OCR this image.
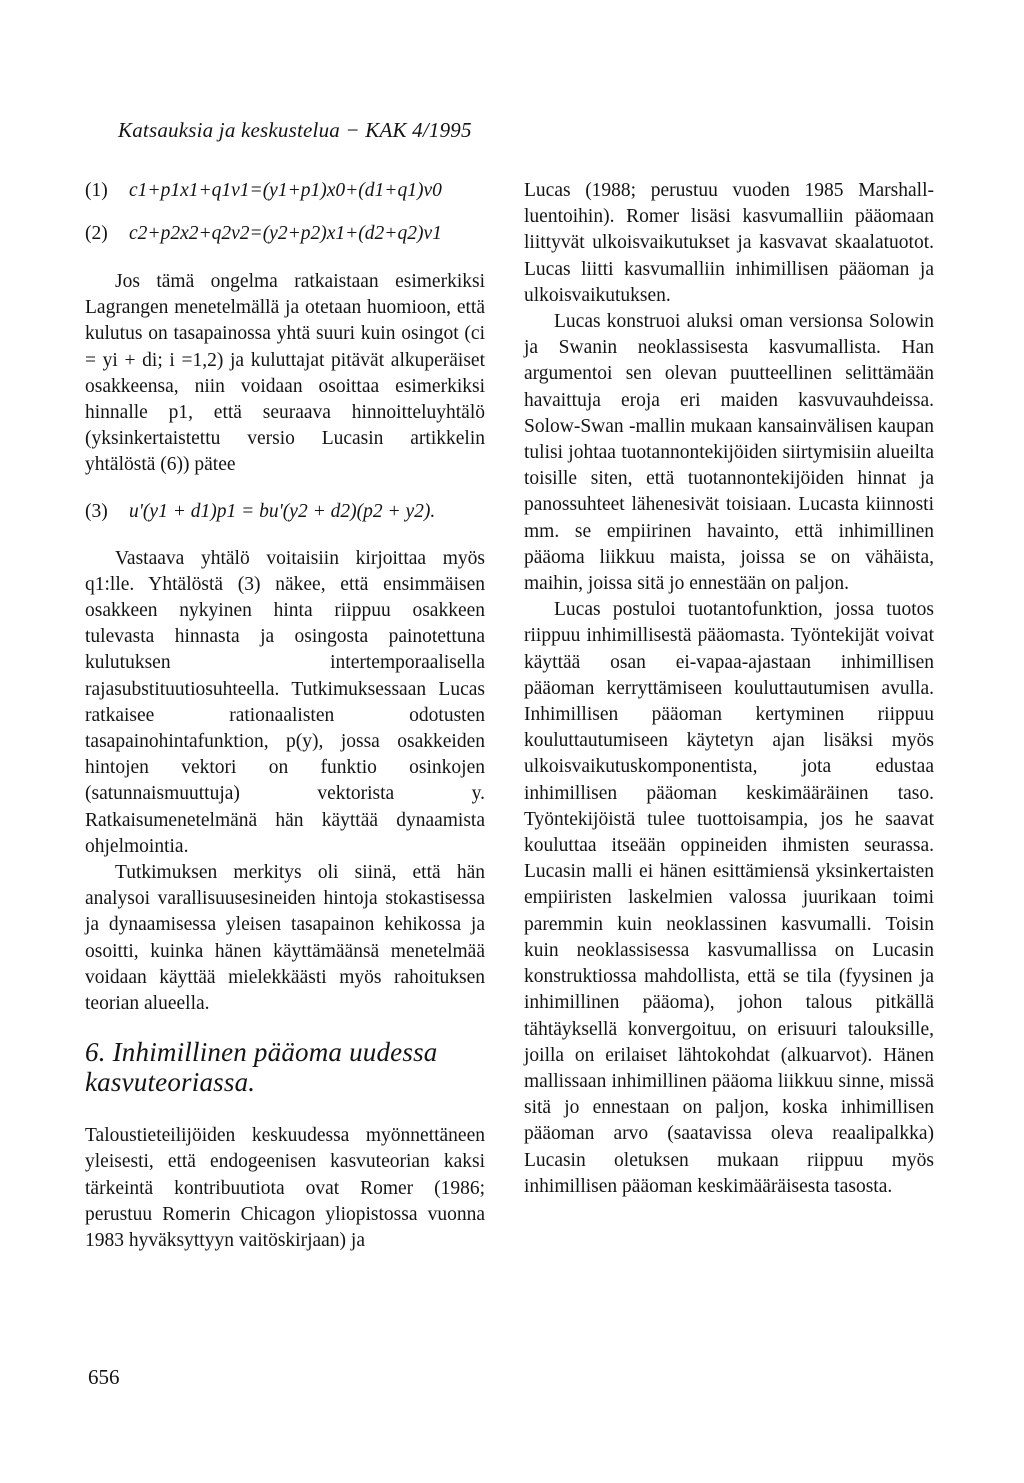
Katsauksia ja keskustelua − KAK 4/1995
(1)	c1+p1x1+q1v1=(y1+p1)x0+(d1+q1)v0
(2)	c2+p2x2+q2v2=(y2+p2)x1+(d2+q2)v1

Jos tämä ongelma ratkaistaan esimerkiksi Lagrangen menetelmällä ja otetaan huomioon, että kulutus on tasapainossa yhtä suuri kuin osingot (ci = yi + di; i =1,2) ja kuluttajat pitävät alkuperäiset osakkeensa, niin voidaan osoittaa esimerkiksi hinnalle p1, että seuraava hinnoitteluyhtälö (yksinkertaistettu versio Lucasin artikkelin yhtälöstä (6)) pätee

(3)	u'(y1 + d1)p1 = bu'(y2 + d2)(p2 + y2).

Vastaava yhtälö voitaisiin kirjoittaa myös q1:lle. Yhtälöstä (3) näkee, että ensimmäisen osakkeen nykyinen hinta riippuu osakkeen tulevasta hinnasta ja osingosta painotettuna kulutuksen intertemporaalisella rajasubstituutiosuhteella. Tutkimuksessaan Lucas ratkaisee rationaalisten odotusten tasapainohintafunktion, p(y), jossa osakkeiden hintojen vektori on funktio osinkojen (satunnaismuuttuja) vektorista y. Ratkaisumenetelmänä hän käyttää dynaamista ohjelmointia.

Tutkimuksen merkitys oli siinä, että hän analysoi varallisuusesineiden hintoja stokastisessa ja dynaamisessa yleisen tasapainon kehikossa ja osoitti, kuinka hänen käyttämäänsä menetelmää voidaan käyttää mielekkäästi myös rahoituksen teorian alueella.

6. Inhimillinen pääoma uudessa kasvuteoriassa.

Taloustieteilijöiden keskuudessa myönnettäneen yleisesti, että endogeenisen kasvuteorian kaksi tärkeintä kontribuutiota ovat Romer (1986; perustuu Romerin Chicagon yliopistossa vuonna 1983 hyväksyttyyn vaitöskirjaan) ja

Lucas (1988; perustuu vuoden 1985 Marshall-luentoihin). Romer lisäsi kasvumalliin pääomaan liittyvät ulkoisvaikutukset ja kasvavat skaalatuotot. Lucas liitti kasvumalliin inhimillisen pääoman ja ulkoisvaikutuksen.

Lucas konstruoi aluksi oman versionsa Solowin ja Swanin neoklassisesta kasvumallista. Han argumentoi sen olevan puutteellinen selittämään havaittuja eroja eri maiden kasvuvauhdeissa. Solow-Swan -mallin mukaan kansainvälisen kaupan tulisi johtaa tuotannontekijöiden siirtymisiin alueilta toisille siten, että tuotannontekijöiden hinnat ja panossuhteet lähenesivät toisiaan. Lucasta kiinnosti mm. se empiirinen havainto, että inhimillinen pääoma liikkuu maista, joissa se on vähäista, maihin, joissa sitä jo ennestään on paljon.

Lucas postuloi tuotantofunktion, jossa tuotos riippuu inhimillisestä pääomasta. Työntekijät voivat käyttää osan ei-vapaa-ajastaan inhimillisen pääoman kerryttämiseen kouluttautumisen avulla. Inhimillisen pääoman kertyminen riippuu kouluttautumiseen käytetyn ajan lisäksi myös ulkoisvaikutuskomponentista, jota edustaa inhimillisen pääoman keskimääräinen taso. Työntekijöistä tulee tuottoisampia, jos he saavat kouluttaa itseään oppineiden ihmisten seurassa. Lucasin malli ei hänen esittämiensä yksinkertaisten empiiristen laskelmien valossa juurikaan toimi paremmin kuin neoklassinen kasvumalli. Toisin kuin neoklassisessa kasvumallissa on Lucasin konstruktiossa mahdollista, että se tila (fyysinen ja inhimillinen pääoma), johon talous pitkällä tähtäyksellä konvergoituu, on erisuuri talouksille, joilla on erilaiset lähtokohdat (alkuarvot). Hänen mallissaan inhimillinen pääoma liikkuu sinne, missä sitä jo ennestaan on paljon, koska inhimillisen pääoman arvo (saatavissa oleva reaalipalkka) Lucasin oletuksen mukaan riippuu myös inhimillisen pääoman keskimääräisesta tasosta.

656
